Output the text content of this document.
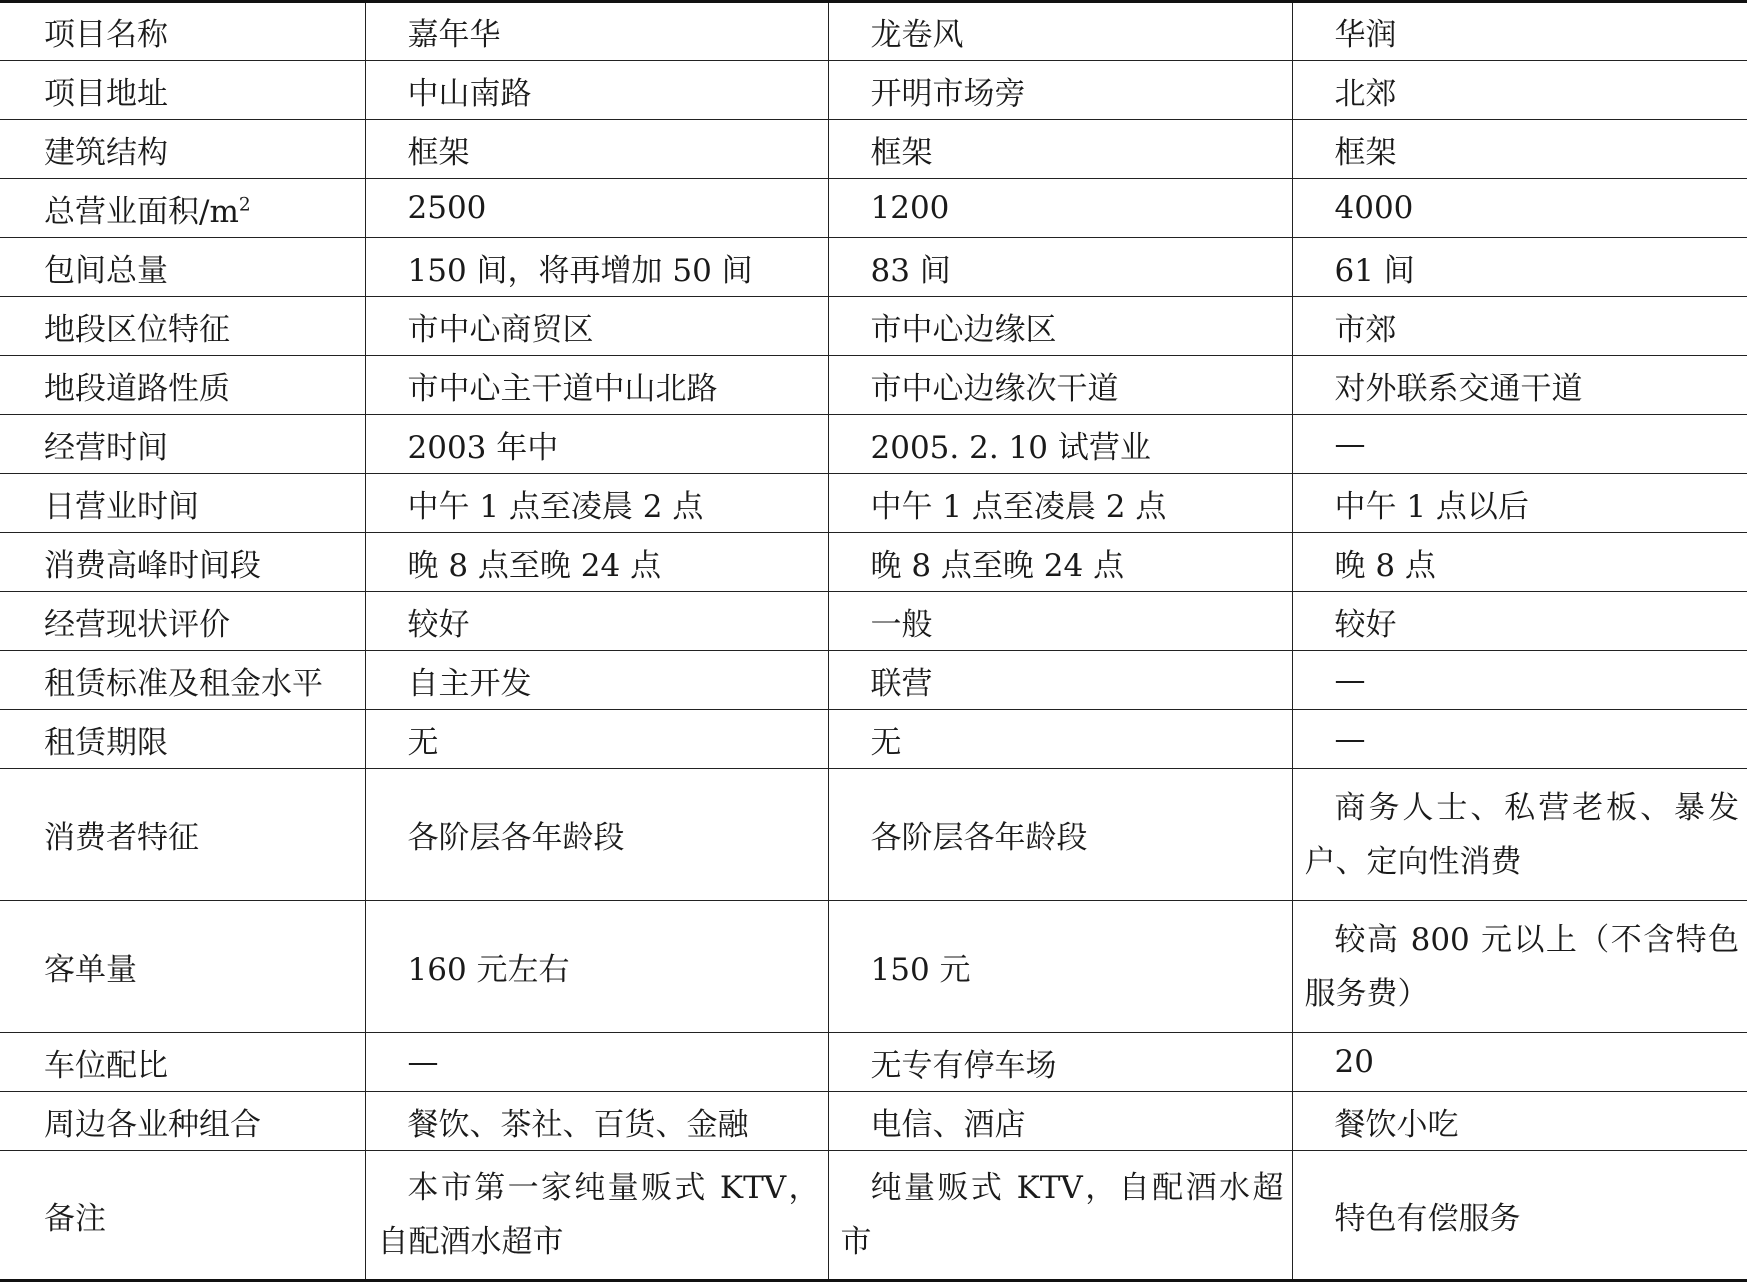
项目名称	嘉年华	龙卷风	华润
项目地址	中山南路	开明市场旁	北郊
建筑结构	框架	框架	框架
总营业面积$/m^2$	2500	1200	4000
包间总量	150 间，将再增加 50 间	83 间	61 间
地段区位特征	市中心商贸区	市中心边缘区	市郊
地段道路性质	市中心主干道中山北路	市中心边缘次干道	对外联系交通干道
经营时间	2003 年中	2005. 2. 10 试营业	—
日营业时间	中午 1 点至凌晨 2 点	中午 1 点至凌晨 2 点	中午 1 点以后
消费高峰时间段	晚 8 点至晚 24 点	晚 8 点至晚 24 点	晚 8 点
经营现状评价	较好	一般	较好
租赁标准及租金水平	自主开发	联营	—
租赁期限	无	无	—
消费者特征	各阶层各年龄段	各阶层各年龄段	商务人士、私营老板、暴发户、定向性消费
客单量	160 元左右	150 元	较高 800 元以上（不含特色服务费）
车位配比	—	无专有停车场	20
周边各业种组合	餐饮、茶社、百货、金融	电信、酒店	餐饮小吃
备注	本市第一家纯量贩式 KTV，自配酒水超市	纯量贩式 KTV，自配酒水超市	特色有偿服务
